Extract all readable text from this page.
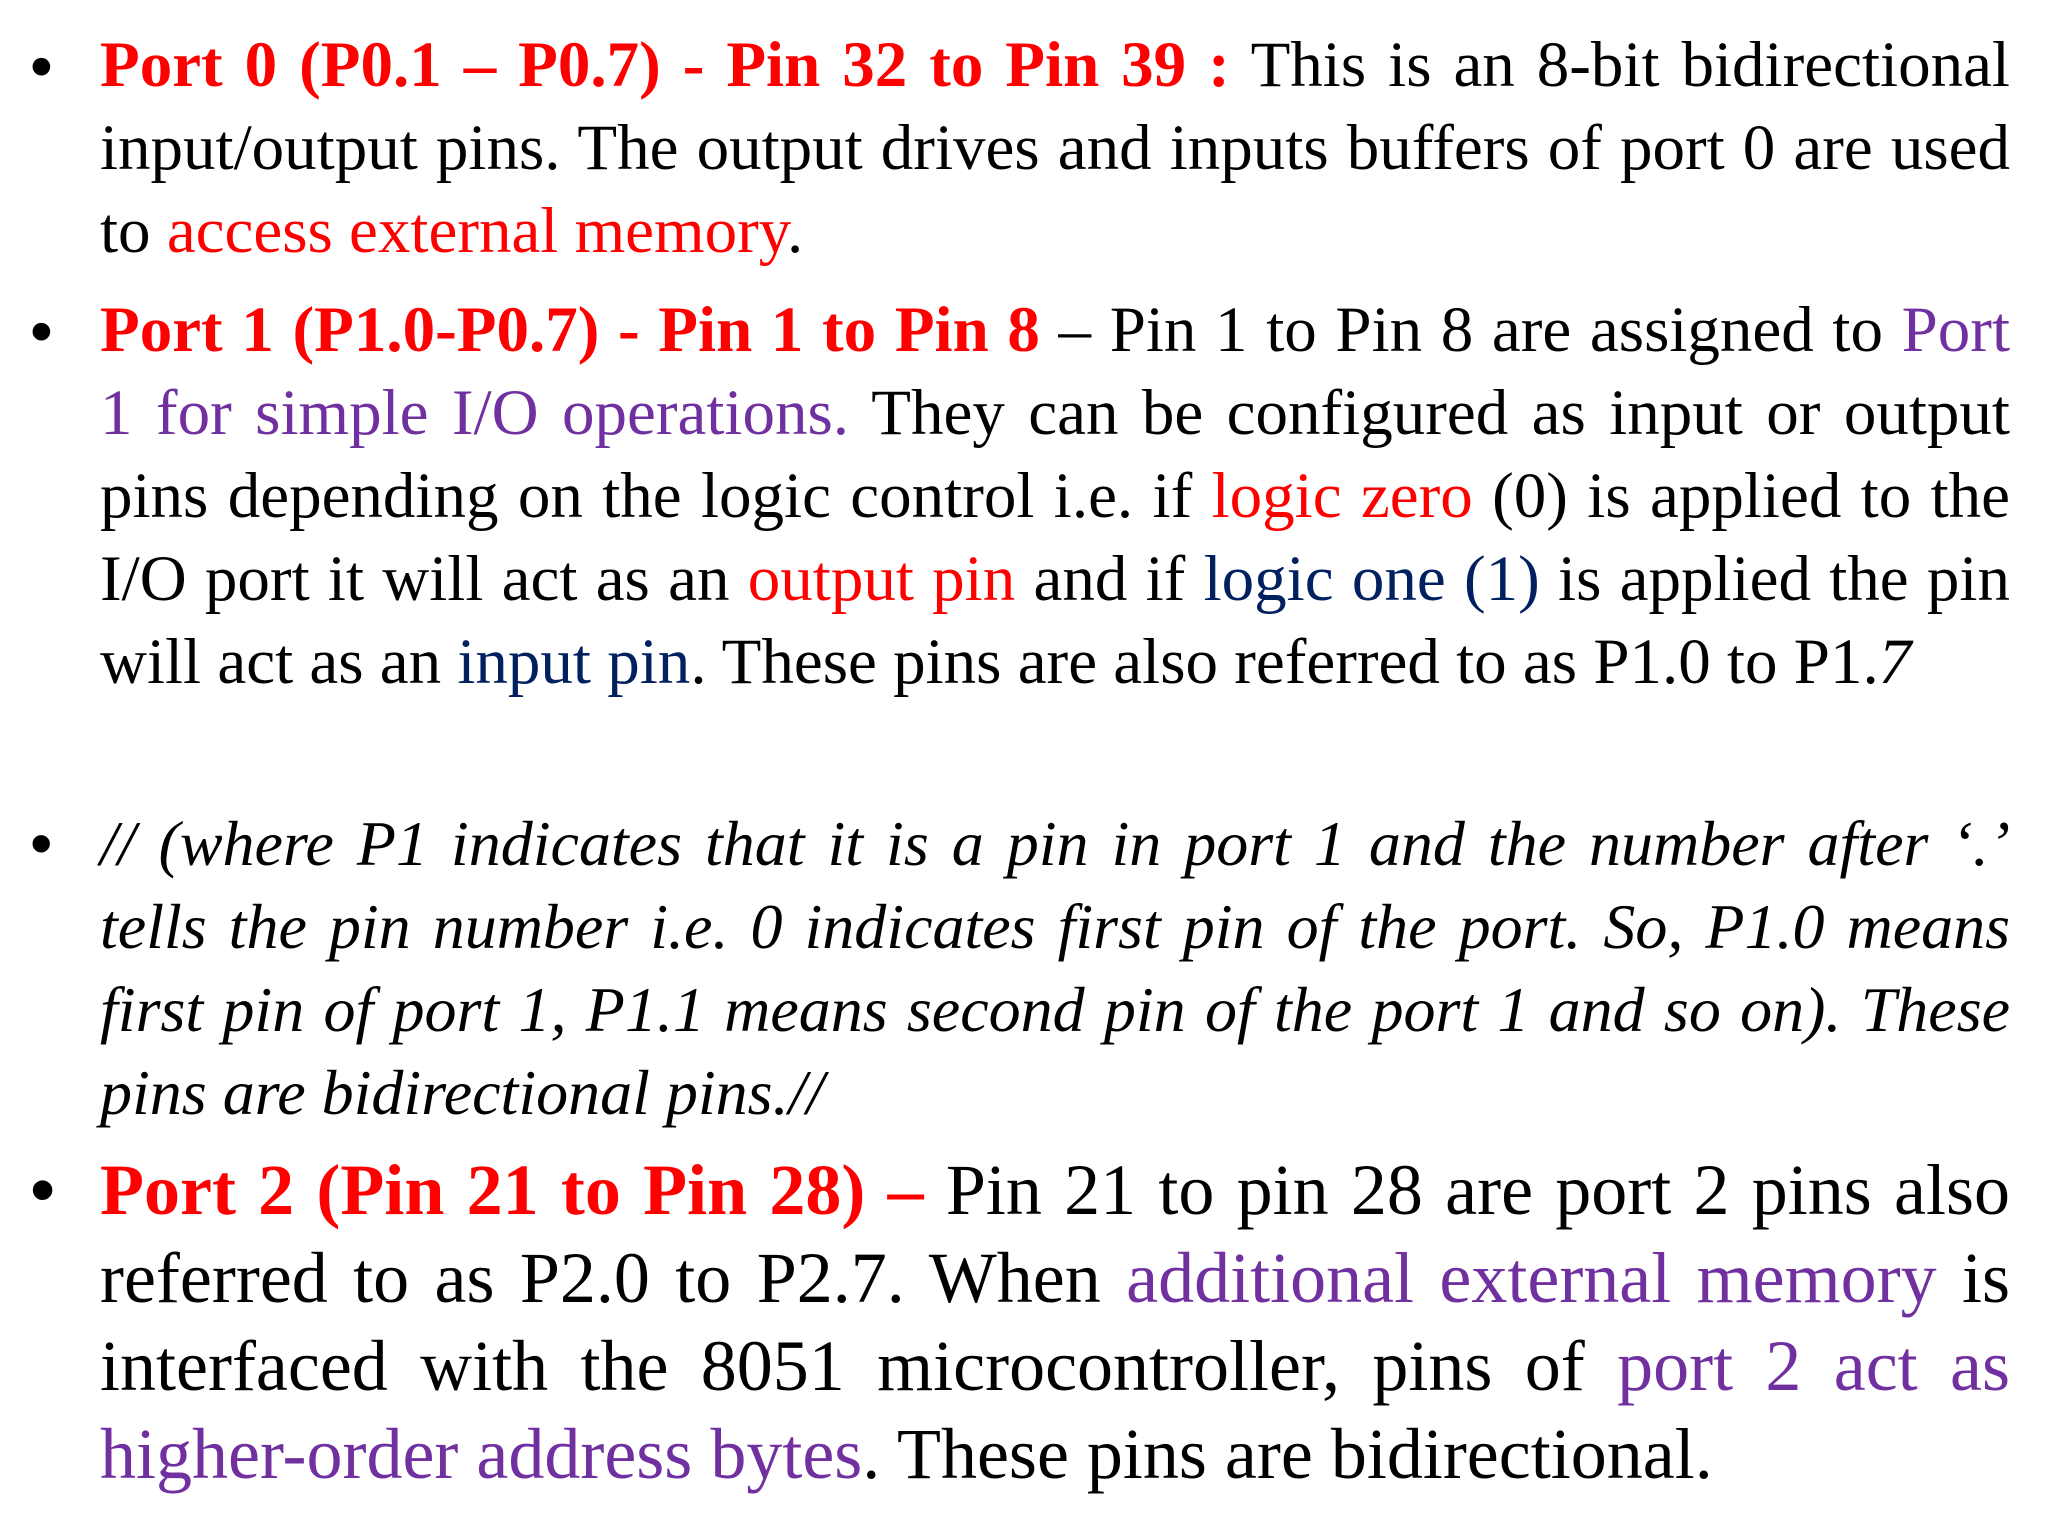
• Port 0 (P0.1 – P0.7) - Pin 32 to Pin 39 : This is an 8-bit bidirectional input/output pins. The output drives and inputs buffers of port 0 are used to access external memory.
• Port 1 (P1.0-P0.7) - Pin 1 to Pin 8 – Pin 1 to Pin 8 are assigned to Port 1 for simple I/O operations. They can be configured as input or output pins depending on the logic control i.e. if logic zero (0) is applied to the I/O port it will act as an output pin and if logic one (1) is applied the pin will act as an input pin. These pins are also referred to as P1.0 to P1.7
• // (where P1 indicates that it is a pin in port 1 and the number after ‘.’ tells the pin number i.e. 0 indicates first pin of the port. So, P1.0 means first pin of port 1, P1.1 means second pin of the port 1 and so on). These pins are bidirectional pins.//
• Port 2 (Pin 21 to Pin 28) – Pin 21 to pin 28 are port 2 pins also referred to as P2.0 to P2.7. When additional external memory is interfaced with the 8051 microcontroller, pins of port 2 act as higher-order address bytes. These pins are bidirectional.
